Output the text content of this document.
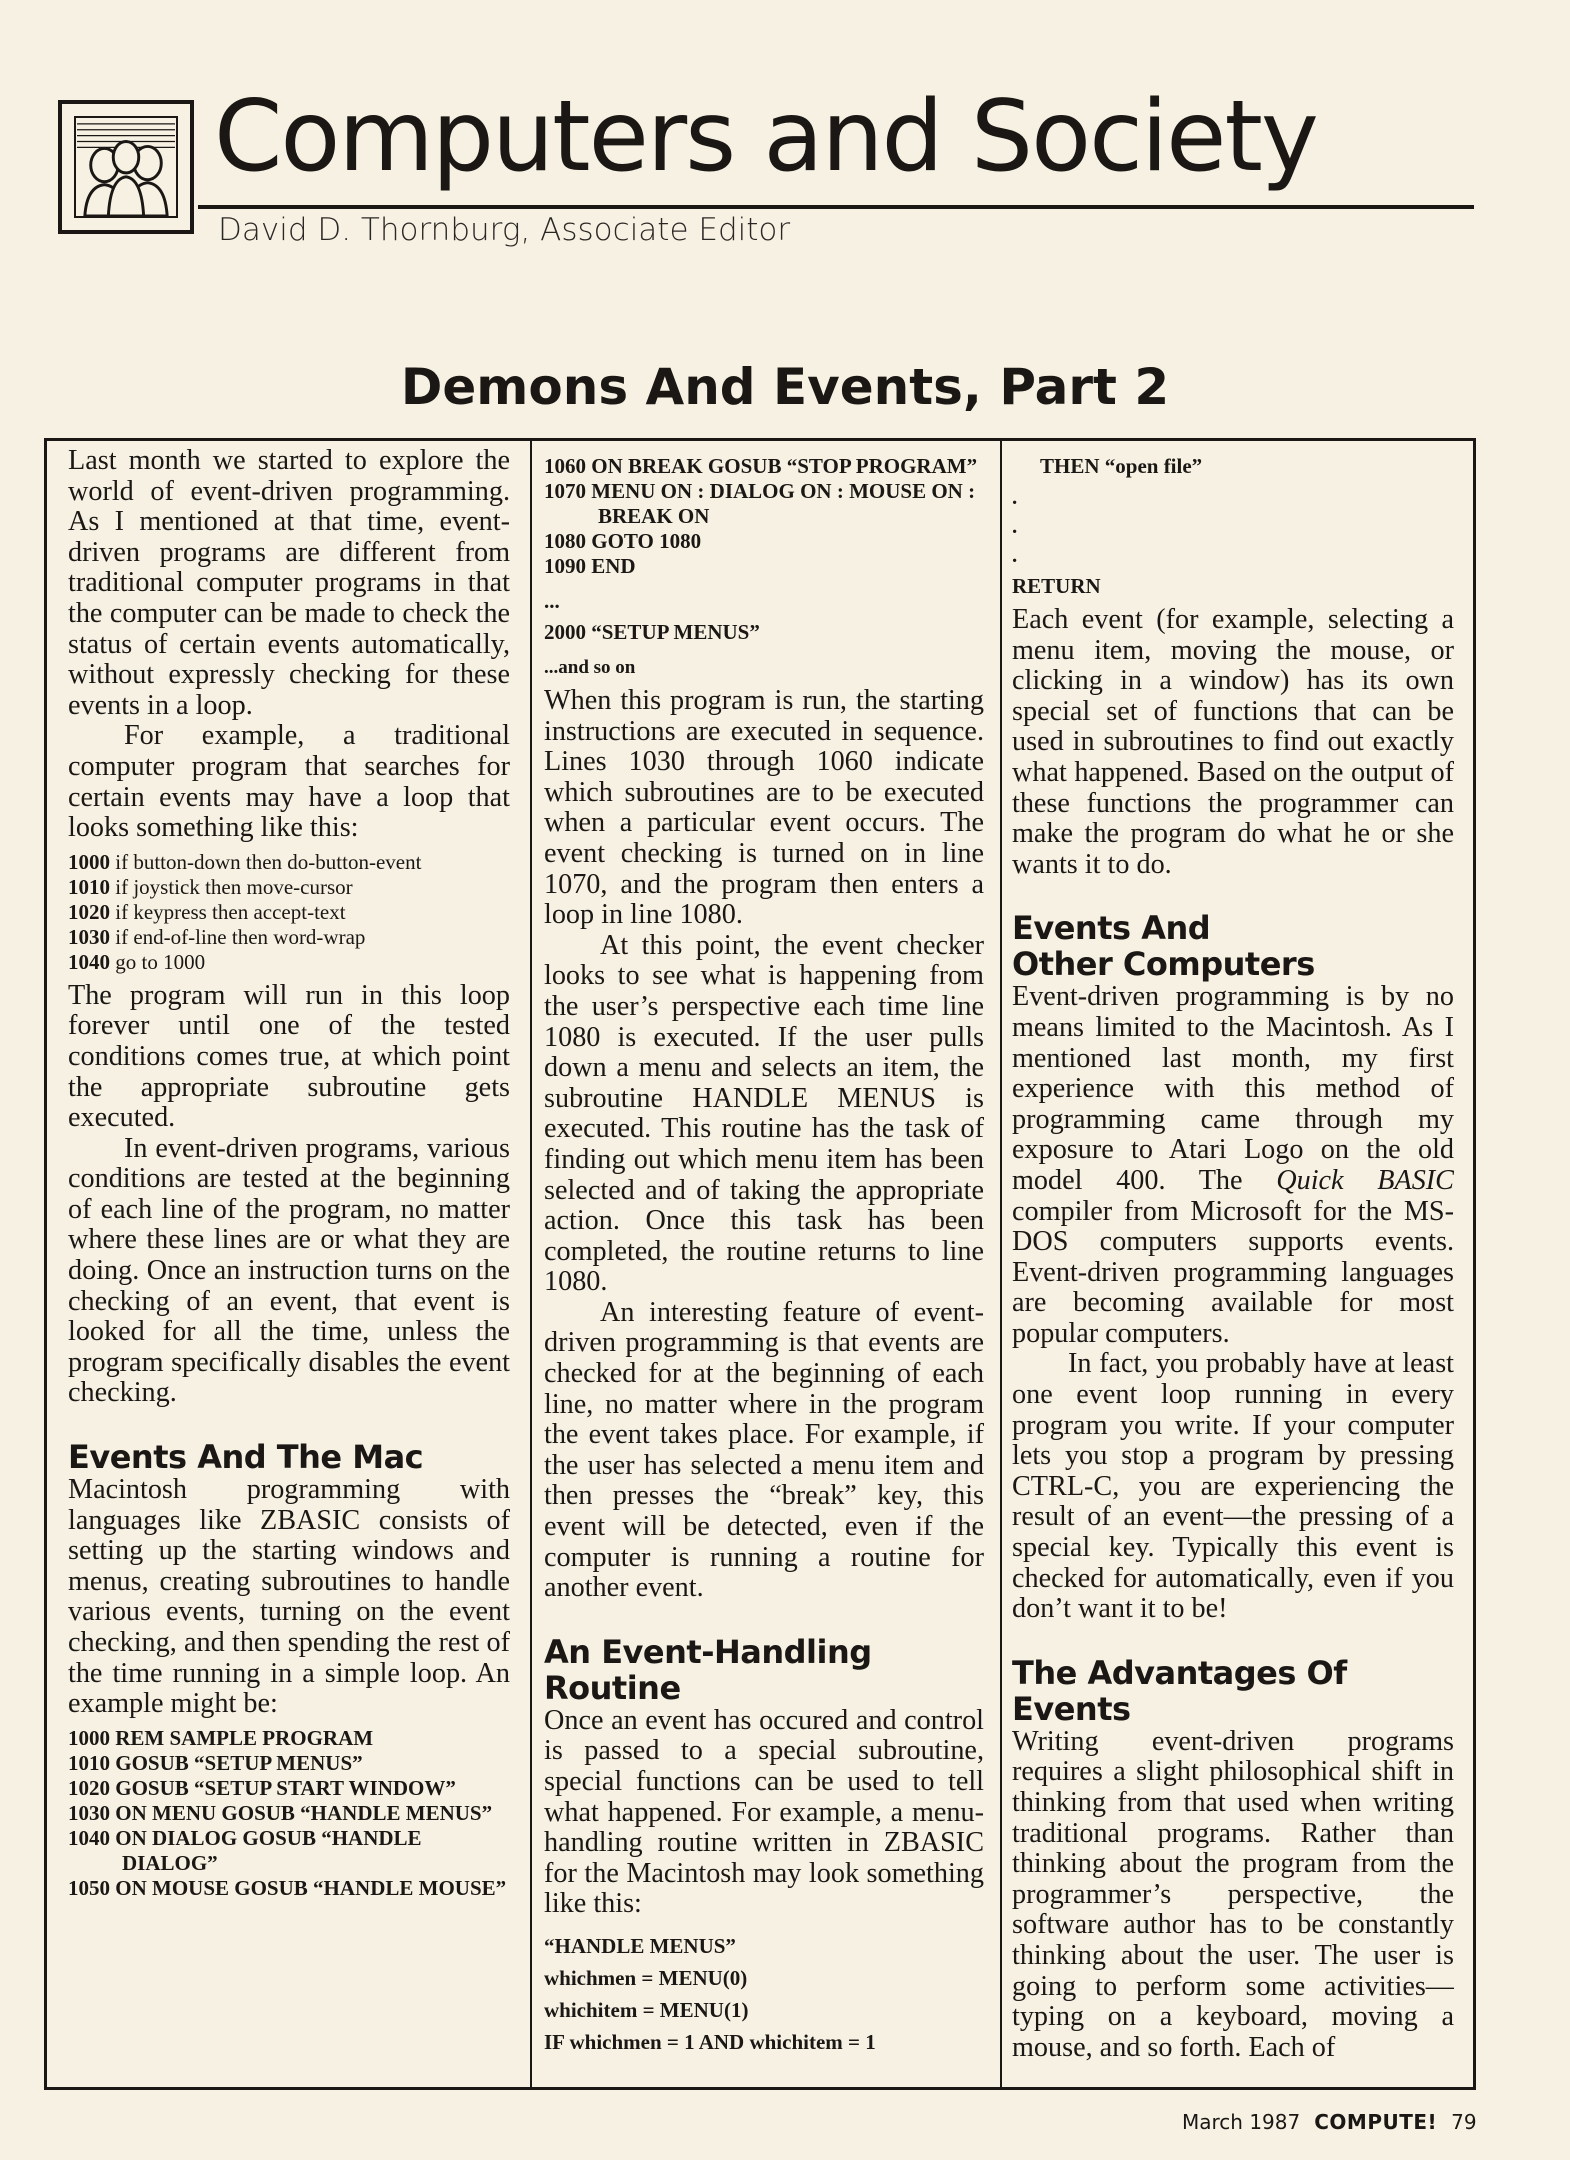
Computers and Society
David D. Thornburg, Associate Editor
Demons And Events, Part 2

Last month we started to explore the world of event-driven programming. As I mentioned at that time, event-driven programs are different from traditional computer programs in that the computer can be made to check the status of certain events automatically, without expressly checking for these events in a loop.

For example, a traditional computer program that searches for certain events may have a loop that looks something like this:

1000 if button-down then do-button-event
1010 if joystick then move-cursor
1020 if keypress then accept-text
1030 if end-of-line then word-wrap
1040 go to 1000

The program will run in this loop forever until one of the tested conditions comes true, at which point the appropriate subroutine gets executed.

In event-driven programs, various conditions are tested at the beginning of each line of the program, no matter where these lines are or what they are doing. Once an instruction turns on the checking of an event, that event is looked for all the time, unless the program specifically disables the event checking.

Events And The Mac

Macintosh programming with languages like ZBASIC consists of setting up the starting windows and menus, creating subroutines to handle various events, turning on the event checking, and then spending the rest of the time running in a simple loop. An example might be:

1000 REM SAMPLE PROGRAM
1010 GOSUB “SETUP MENUS”
1020 GOSUB “SETUP START WINDOW”
1030 ON MENU GOSUB “HANDLE MENUS”
1040 ON DIALOG GOSUB “HANDLE DIALOG”
1050 ON MOUSE GOSUB “HANDLE MOUSE”
1060 ON BREAK GOSUB “STOP PROGRAM”
1070 MENU ON : DIALOG ON : MOUSE ON : BREAK ON
1080 GOTO 1080
1090 END
...
2000 “SETUP MENUS”
...and so on

When this program is run, the starting instructions are executed in sequence. Lines 1030 through 1060 indicate which subroutines are to be executed when a particular event occurs. The event checking is turned on in line 1070, and the program then enters a loop in line 1080.

At this point, the event checker looks to see what is happening from the user’s perspective each time line 1080 is executed. If the user pulls down a menu and selects an item, the subroutine HANDLE MENUS is executed. This routine has the task of finding out which menu item has been selected and of taking the appropriate action. Once this task has been completed, the routine returns to line 1080.

An interesting feature of event-driven programming is that events are checked for at the beginning of each line, no matter where in the program the event takes place. For example, if the user has selected a menu item and then presses the “break” key, this event will be detected, even if the computer is running a routine for another event.

An Event-Handling Routine

Once an event has occured and control is passed to a special subroutine, special functions can be used to tell what happened. For example, a menu-handling routine written in ZBASIC for the Macintosh may look something like this:

“HANDLE MENUS”
whichmen = MENU(0)
whichitem = MENU(1)
IF whichmen = 1 AND whichitem = 1
THEN “open file”
.
.
.
RETURN

Each event (for example, selecting a menu item, moving the mouse, or clicking in a window) has its own special set of functions that can be used in subroutines to find out exactly what happened. Based on the output of these functions the programmer can make the program do what he or she wants it to do.

Events And
Other Computers

Event-driven programming is by no means limited to the Macintosh. As I mentioned last month, my first experience with this method of programming came through my exposure to Atari Logo on the old model 400. The Quick BASIC compiler from Microsoft for the MS-DOS computers supports events. Event-driven programming languages are becoming available for most popular computers.

In fact, you probably have at least one event loop running in every program you write. If your computer lets you stop a program by pressing CTRL-C, you are experiencing the result of an event—the pressing of a special key. Typically this event is checked for automatically, even if you don’t want it to be!

The Advantages Of Events

Writing event-driven programs requires a slight philosophical shift in thinking from that used when writing traditional programs. Rather than thinking about the program from the programmer’s perspective, the software author has to be constantly thinking about the user. The user is going to perform some activities—typing on a keyboard, moving a mouse, and so forth. Each of

March 1987 COMPUTE! 79
